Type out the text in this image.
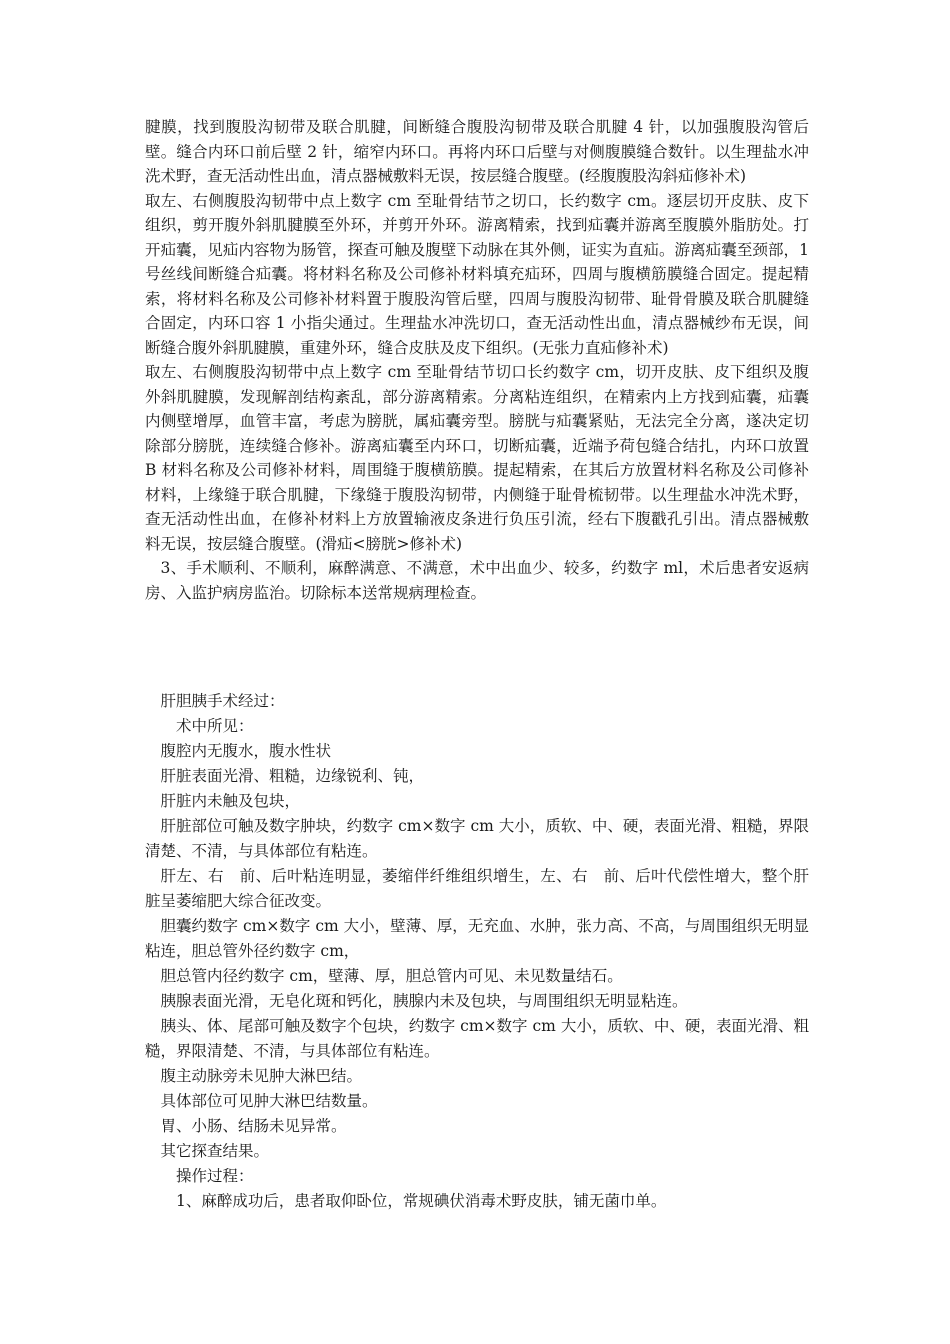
腱膜，找到腹股沟韧带及联合肌腱，间断缝合腹股沟韧带及联合肌腱 4 针，以加强腹股沟管后壁。缝合内环口前后壁 2 针，缩窄内环口。再将内环口后壁与对侧腹膜缝合数针。以生理盐水冲洗术野，查无活动性出血，清点器械敷料无误，按层缝合腹壁。(经腹腹股沟斜疝修补术)

取左、右侧腹股沟韧带中点上数字 cm 至耻骨结节之切口，长约数字 cm。逐层切开皮肤、皮下组织，剪开腹外斜肌腱膜至外环，并剪开外环。游离精索，找到疝囊并游离至腹膜外脂肪处。打开疝囊，见疝内容物为肠管，探查可触及腹壁下动脉在其外侧，证实为直疝。游离疝囊至颈部，1 号丝线间断缝合疝囊。将材料名称及公司修补材料填充疝环，四周与腹横筋膜缝合固定。提起精索，将材料名称及公司修补材料置于腹股沟管后壁，四周与腹股沟韧带、耻骨骨膜及联合肌腱缝合固定，内环口容 1 小指尖通过。生理盐水冲洗切口，查无活动性出血，清点器械纱布无误，间断缝合腹外斜肌腱膜，重建外环，缝合皮肤及皮下组织。(无张力直疝修补术)

取左、右侧腹股沟韧带中点上数字 cm 至耻骨结节切口长约数字 cm，切开皮肤、皮下组织及腹外斜肌腱膜，发现解剖结构紊乱，部分游离精索。分离粘连组织，在精索内上方找到疝囊，疝囊内侧壁增厚，血管丰富，考虑为膀胱，属疝囊旁型。膀胱与疝囊紧贴，无法完全分离，遂决定切除部分膀胱，连续缝合修补。游离疝囊至内环口，切断疝囊，近端予荷包缝合结扎，内环口放置 B 材料名称及公司修补材料，周围缝于腹横筋膜。提起精索，在其后方放置材料名称及公司修补材料，上缘缝于联合肌腱，下缘缝于腹股沟韧带，内侧缝于耻骨梳韧带。以生理盐水冲洗术野，查无活动性出血，在修补材料上方放置输液皮条进行负压引流，经右下腹戳孔引出。清点器械敷料无误，按层缝合腹壁。(滑疝<膀胱>修补术)

3、手术顺利、不顺利，麻醉满意、不满意，术中出血少、较多，约数字 ml，术后患者安返病房、入监护病房监治。切除标本送常规病理检查。

肝胆胰手术经过：

术中所见：

腹腔内无腹水，腹水性状

肝脏表面光滑、粗糙，边缘锐利、钝，

肝脏内未触及包块，

肝脏部位可触及数字肿块，约数字 cm×数字 cm 大小，质软、中、硬，表面光滑、粗糙，界限清楚、不清，与具体部位有粘连。

肝左、右　前、后叶粘连明显，萎缩伴纤维组织增生，左、右　前、后叶代偿性增大，整个肝脏呈萎缩肥大综合征改变。

胆囊约数字 cm×数字 cm 大小，壁薄、厚，无充血、水肿，张力高、不高，与周围组织无明显粘连，胆总管外径约数字 cm，

胆总管内径约数字 cm，壁薄、厚，胆总管内可见、未见数量结石。

胰腺表面光滑，无皂化斑和钙化，胰腺内未及包块，与周围组织无明显粘连。

胰头、体、尾部可触及数字个包块，约数字 cm×数字 cm 大小，质软、中、硬，表面光滑、粗糙，界限清楚、不清，与具体部位有粘连。

腹主动脉旁未见肿大淋巴结。

具体部位可见肿大淋巴结数量。

胃、小肠、结肠未见异常。

其它探查结果。

操作过程：

1、麻醉成功后，患者取仰卧位，常规碘伏消毒术野皮肤，铺无菌巾单。
